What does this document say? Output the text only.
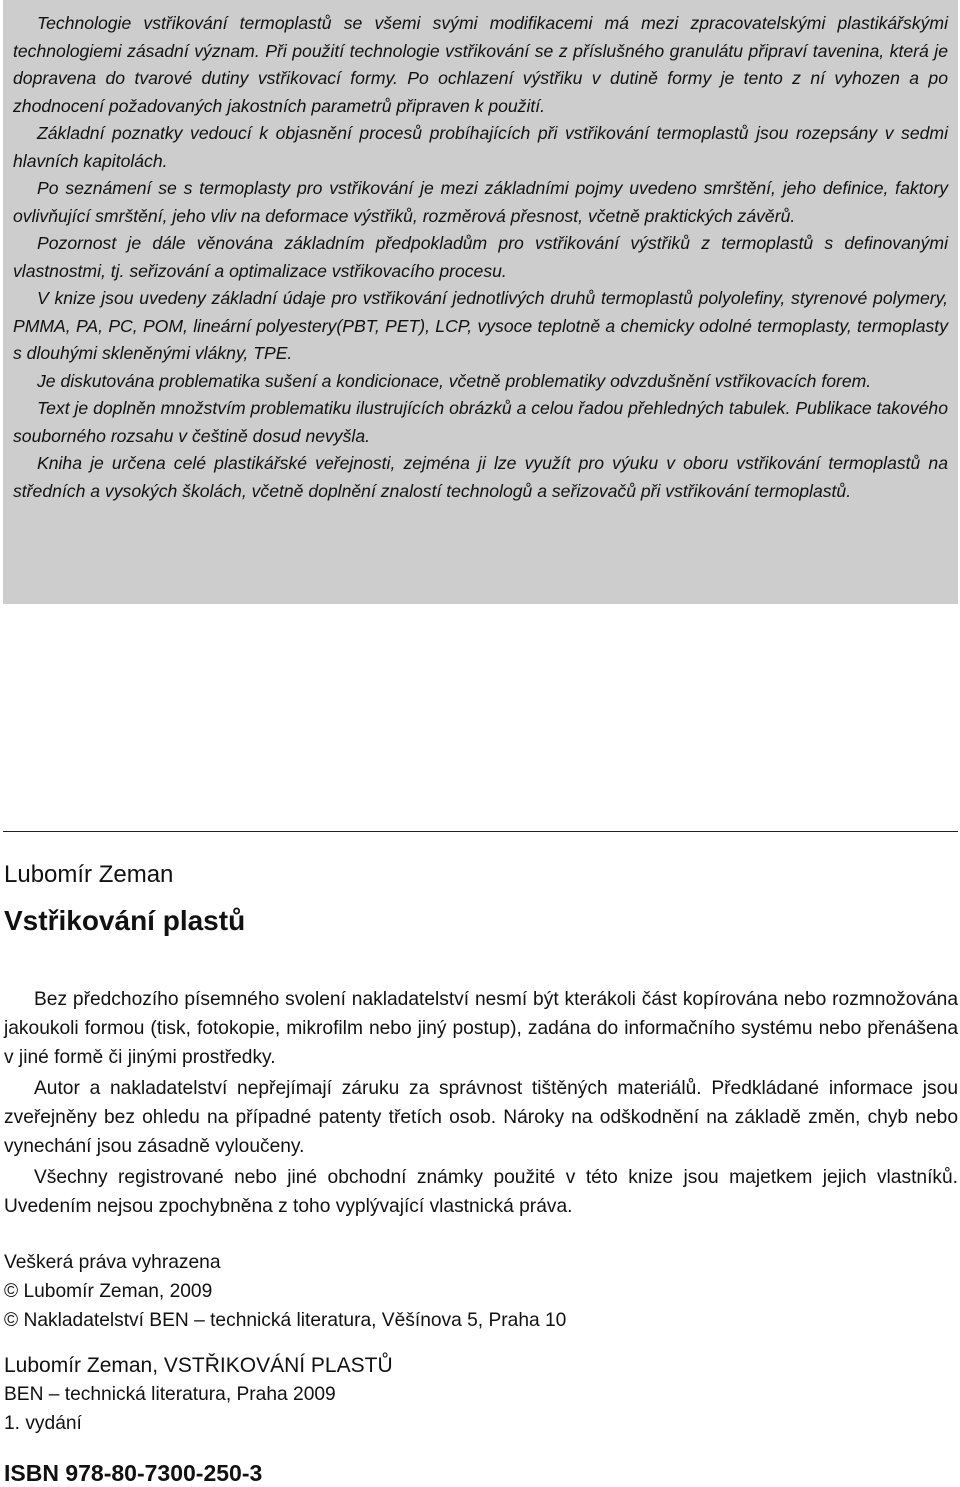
Technologie vstřikování termoplastů se všemi svými modifikacemi má mezi zpracovatelskými plastikářskými technologiemi zásadní význam. Při použití technologie vstřikování se z příslušného granulátu připraví tavenina, která je dopravena do tvarové dutiny vstřikovací formy. Po ochlazení výstřiku v dutině formy je tento z ní vyhozen a po zhodnocení požadovaných jakostních parametrů připraven k použití.

Základní poznatky vedoucí k objasnění procesů probíhajících při vstřikování termoplastů jsou rozepsány v sedmi hlavních kapitolách.

Po seznámení se s termoplasty pro vstřikování je mezi základními pojmy uvedeno smrštění, jeho definice, faktory ovlivňující smrštění, jeho vliv na deformace výstřiků, rozměrová přesnost, včetně praktických závěrů.

Pozornost je dále věnována základním předpokladům pro vstřikování výstřiků z termoplastů s definovanými vlastnostmi, tj. seřizování a optimalizace vstřikovacího procesu.

V knize jsou uvedeny základní údaje pro vstřikování jednotlivých druhů termoplastů polyolefiny, styrenové polymery, PMMA, PA, PC, POM, lineární polyestery(PBT, PET), LCP, vysoce teplotně a chemicky odolné termoplasty, termoplasty s dlouhými skleněnými vlákny, TPE.

Je diskutována problematika sušení a kondicionace, včetně problematiky odvzdušnění vstřikovacích forem.

Text je doplněn množstvím problematiku ilustrujících obrázků a celou řadou přehledných tabulek. Publikace takového souborného rozsahu v češtině dosud nevyšla.

Kniha je určena celé plastikářské veřejnosti, zejména ji lze využít pro výuku v oboru vstřikování termoplastů na středních a vysokých školách, včetně doplnění znalostí technologů a seřizovačů při vstřikování termoplastů.

Lubomír Zeman
Vstřikování plastů

Bez předchozího písemného svolení nakladatelství nesmí být kterákoli část kopírována nebo rozmnožována jakoukoli formou (tisk, fotokopie, mikrofilm nebo jiný postup), zadána do informačního systému nebo přenášena v jiné formě či jinými prostředky.

Autor a nakladatelství nepřejímají záruku za správnost tištěných materiálů. Předkládané informace jsou zveřejněny bez ohledu na případné patenty třetích osob. Nároky na odškodnění na základě změn, chyb nebo vynechání jsou zásadně vyloučeny.

Všechny registrované nebo jiné obchodní známky použité v této knize jsou majetkem jejich vlastníků. Uvedením nejsou zpochybněna z toho vyplývající vlastnická práva.

Veškerá práva vyhrazena
© Lubomír Zeman, 2009
© Nakladatelství BEN – technická literatura, Věšínova 5, Praha 10
Lubomír Zeman, VSTŘIKOVÁNÍ PLASTŮ
BEN – technická literatura, Praha 2009
1. vydání
ISBN 978-80-7300-250-3
